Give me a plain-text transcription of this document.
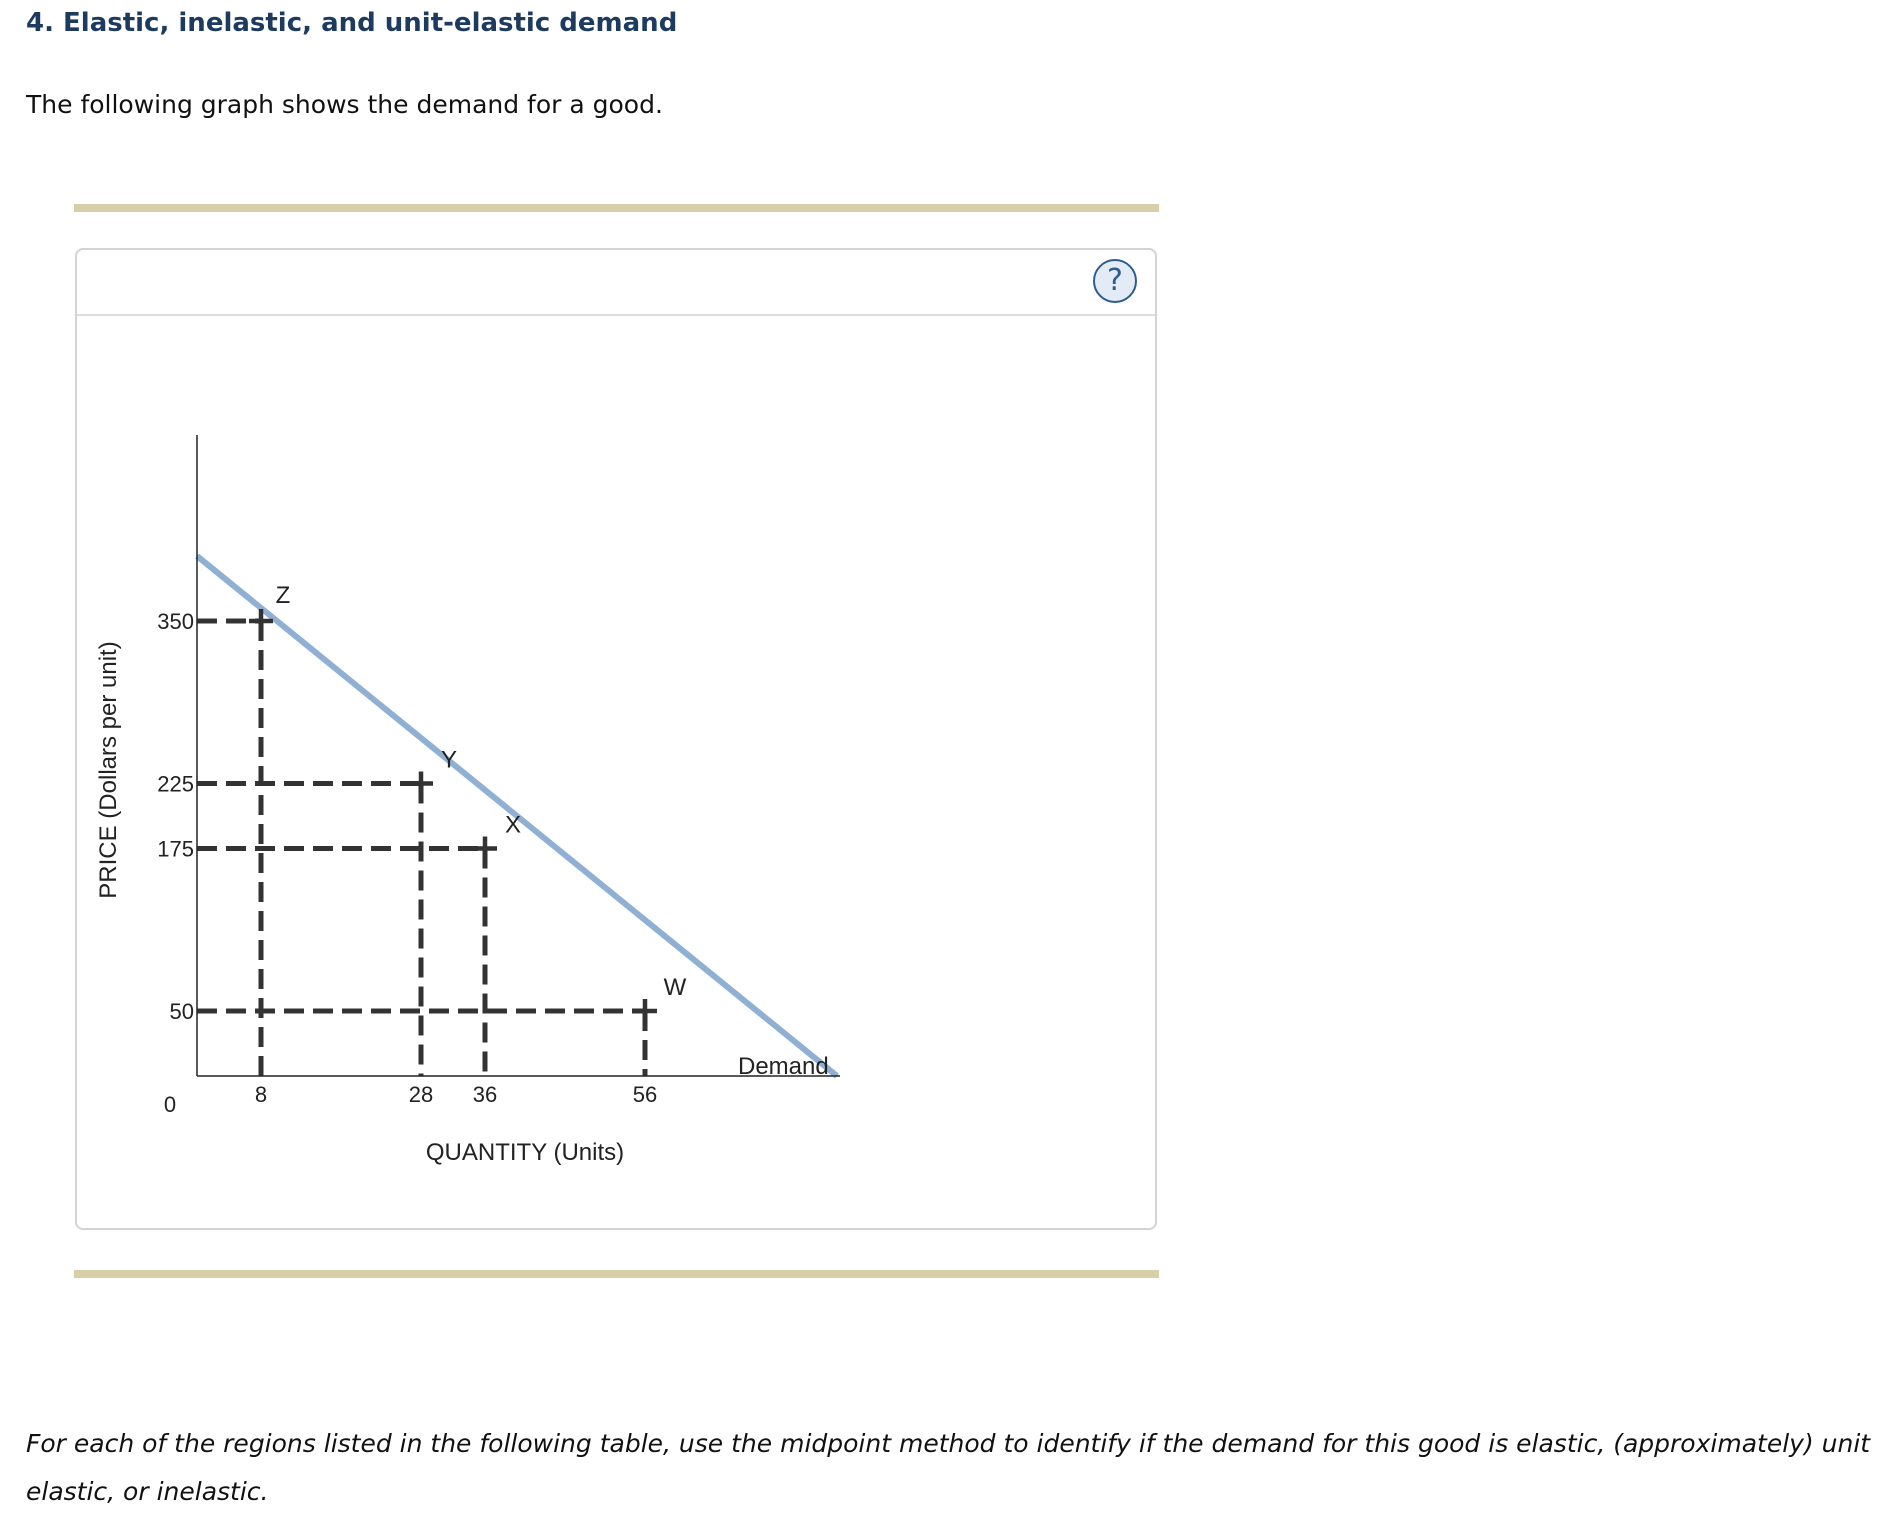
4. Elastic, inelastic, and unit-elastic demand

The following graph shows the demand for a good.

?
Z
Y
X
W
350
225
175
50
8	28 36	56
0
QUANTITY (Units)
PRICE (Dollars per unit)
Demand

For each of the regions listed in the following table, use the midpoint method to identify if the demand for this good is elastic, (approximately) unit elastic, or inelastic.
